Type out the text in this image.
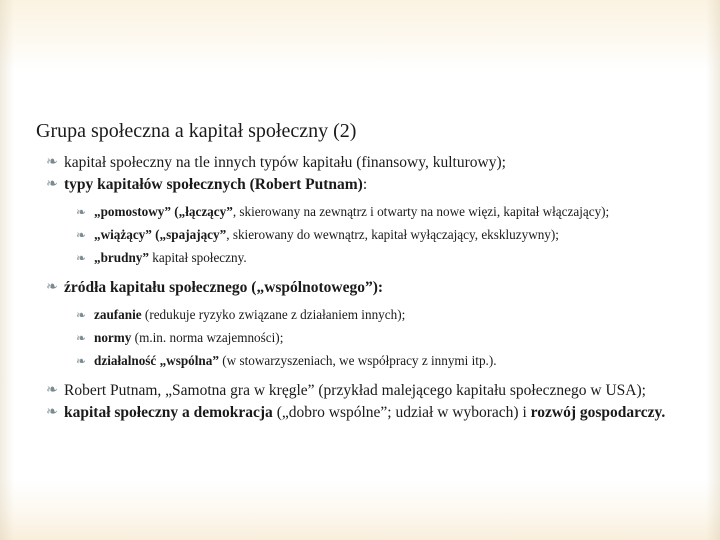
Grupa społeczna a kapitał społeczny (2)
❧ kapitał społeczny na tle innych typów kapitału (finansowy, kulturowy);
❧ typy kapitałów społecznych (Robert Putnam):
❧ „pomostowy” („łączący”, skierowany na zewnątrz i otwarty na nowe więzi, kapitał włączający);
❧ „wiążący” („spajający”, skierowany do wewnątrz, kapitał wyłączający, ekskluzywny);
❧ „brudny” kapitał społeczny.
❧ źródła kapitału społecznego („wspólnotowego”):
❧ zaufanie (redukuje ryzyko związane z działaniem innych);
❧ normy (m.in. norma wzajemności);
❧ działalność „wspólna” (w stowarzyszeniach, we współpracy z innymi itp.).
❧ Robert Putnam, „Samotna gra w kręgle” (przykład malejącego kapitału społecznego w USA);
❧ kapitał społeczny a demokracja („dobro wspólne”; udział w wyborach) i rozwój gospodarczy.
